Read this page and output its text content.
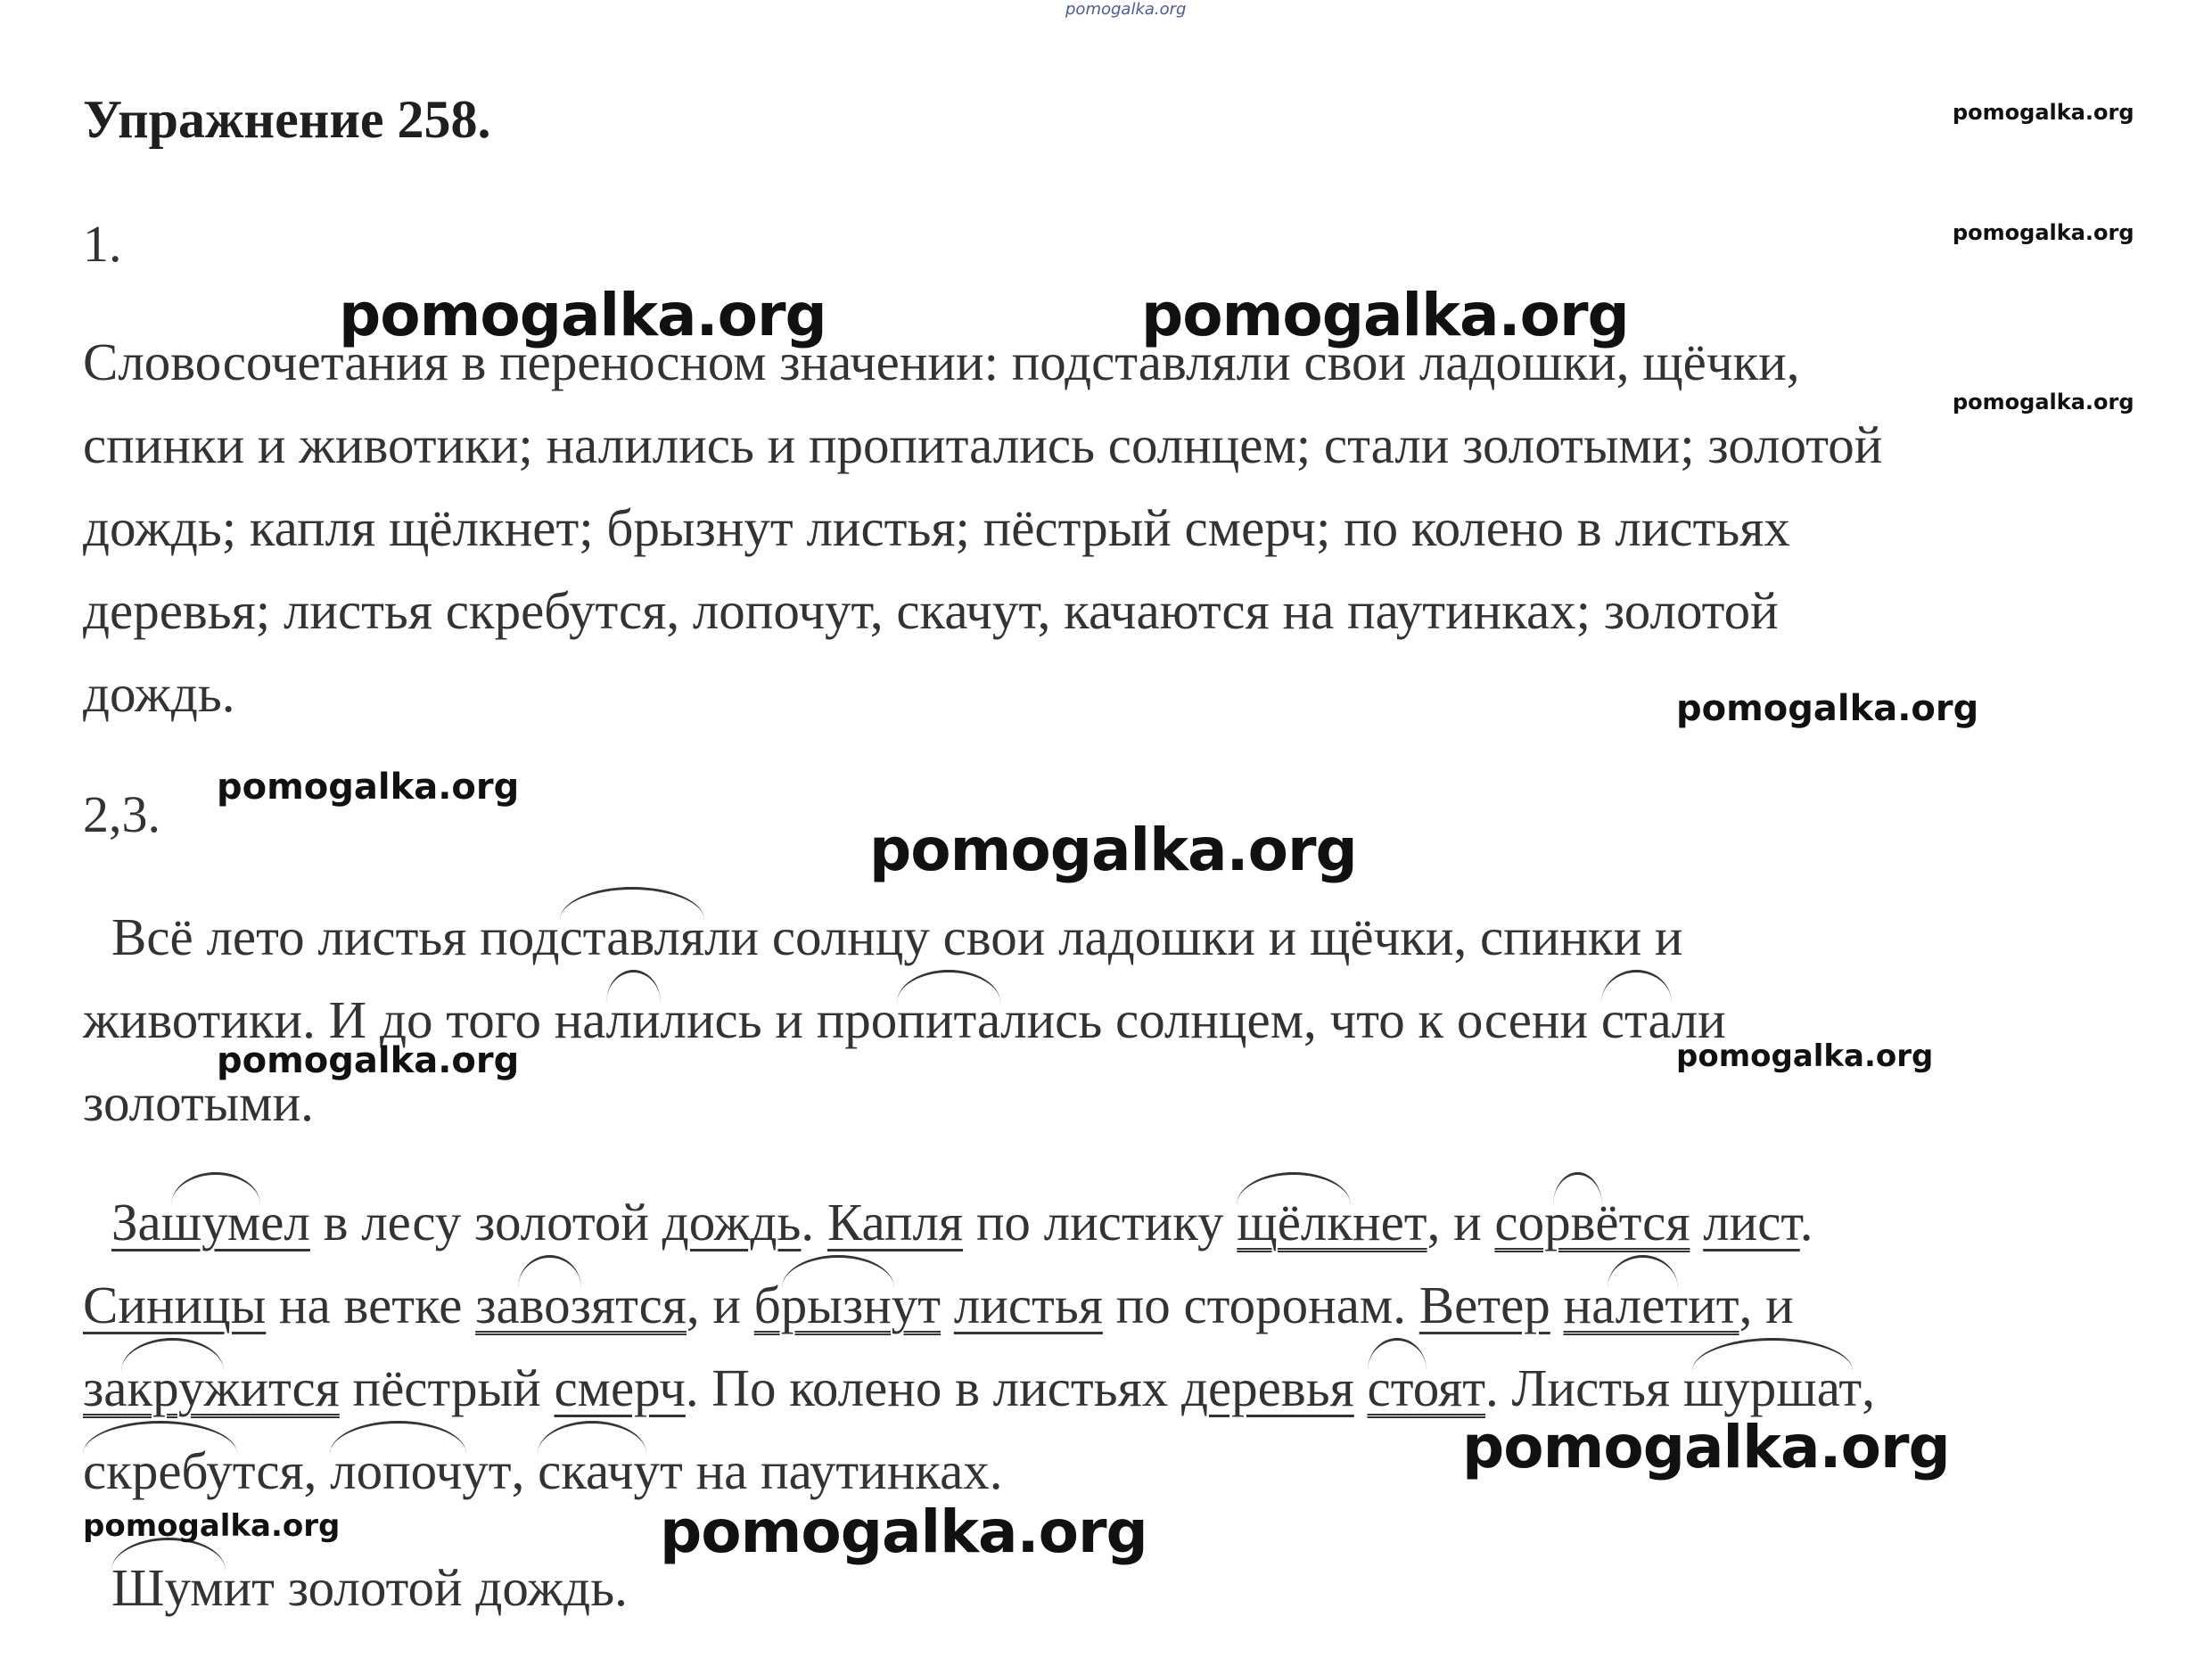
pomogalka.org
Упражнение 258.
1.
Словосочетания в переносном значении: подставляли свои ладошки, щёчки,
спинки и животики; налились и пропитались солнцем; стали золотыми; золотой
дождь; капля щёлкнет; брызнут листья; пёстрый смерч; по колено в листьях
деревья; листья скребутся, лопочут, скачут, качаются на паутинках; золотой
дождь.
2,3.
Всё лето листья подставляли солнцу свои ладошки и щёчки, спинки и
животики. И до того налились и пропитались солнцем, что к осени стали
золотыми.
Зашумел в лесу золотой дождь. Капля по листику щёлкнет, и сорвётся лист.
Синицы на ветке завозятся, и брызнут листья по сторонам. Ветер налетит, и
закружится пёстрый смерч. По колено в листьях деревья стоят. Листья шуршат,
скребутся, лопочут, скачут на паутинках.
Шумит золотой дождь.
pomogalka.org
pomogalka.org
pomogalka.org	pomogalka.org
pomogalka.org
pomogalka.org
pomogalka.org
pomogalka.org
pomogalka.org	pomogalka.org
pomogalka.org
pomogalka.org	pomogalka.org
